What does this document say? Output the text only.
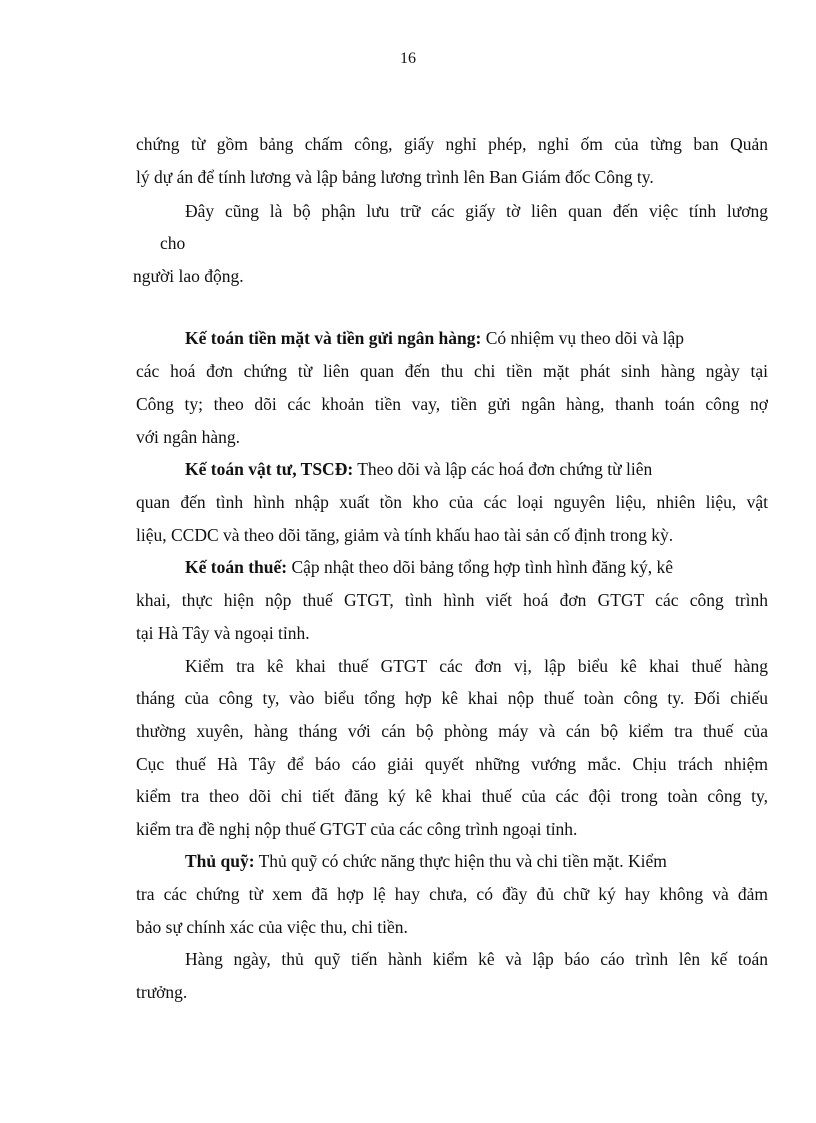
16
chứng từ gồm bảng chấm công, giấy nghỉ phép, nghỉ ốm của từng ban Quản
lý dự án để tính lương và lập bảng lương trình lên Ban Giám đốc Công ty.
Đây cũng là bộ phận lưu trữ các giấy tờ liên quan đến việc tính lương
cho
người lao động.
Kế toán tiền mặt và tiền gửi ngân hàng: Có nhiệm vụ theo dõi và lập
các hoá đơn chứng từ liên quan đến thu chi tiền mặt phát sinh hàng ngày tại
Công ty; theo dõi các khoản tiền vay, tiền gửi ngân hàng, thanh toán công nợ
với ngân hàng.
Kế toán vật tư, TSCĐ: Theo dõi và lập các hoá đơn chứng từ liên
quan đến tình hình nhập xuất tồn kho của các loại nguyên liệu, nhiên liệu, vật
liệu, CCDC và theo dõi tăng, giảm và tính khấu hao tài sản cố định trong kỳ.
Kế toán thuế: Cập nhật theo dõi bảng tổng hợp tình hình đăng ký, kê
khai, thực hiện nộp thuế GTGT, tình hình viết hoá đơn GTGT các công trình
tại Hà Tây và ngoại tỉnh.
Kiểm tra kê khai thuế GTGT các đơn vị, lập biểu kê khai thuế hàng
tháng của công ty, vào biểu tổng hợp kê khai nộp thuế toàn công ty. Đối chiếu
thường xuyên, hàng tháng với cán bộ phòng máy và cán bộ kiểm tra thuế của
Cục thuế Hà Tây để báo cáo giải quyết những vướng mắc. Chịu trách nhiệm
kiểm tra theo dõi chi tiết đăng ký kê khai thuế của các đội trong toàn công ty,
kiểm tra đề nghị nộp thuế GTGT của các công trình ngoại tỉnh.
Thủ quỹ: Thủ quỹ có chức năng thực hiện thu và chi tiền mặt. Kiểm
tra các chứng từ xem đã hợp lệ hay chưa, có đầy đủ chữ ký hay không và đảm
bảo sự chính xác của việc thu, chi tiền.
Hàng ngày, thủ quỹ tiến hành kiểm kê và lập báo cáo trình lên kế toán
trưởng.
